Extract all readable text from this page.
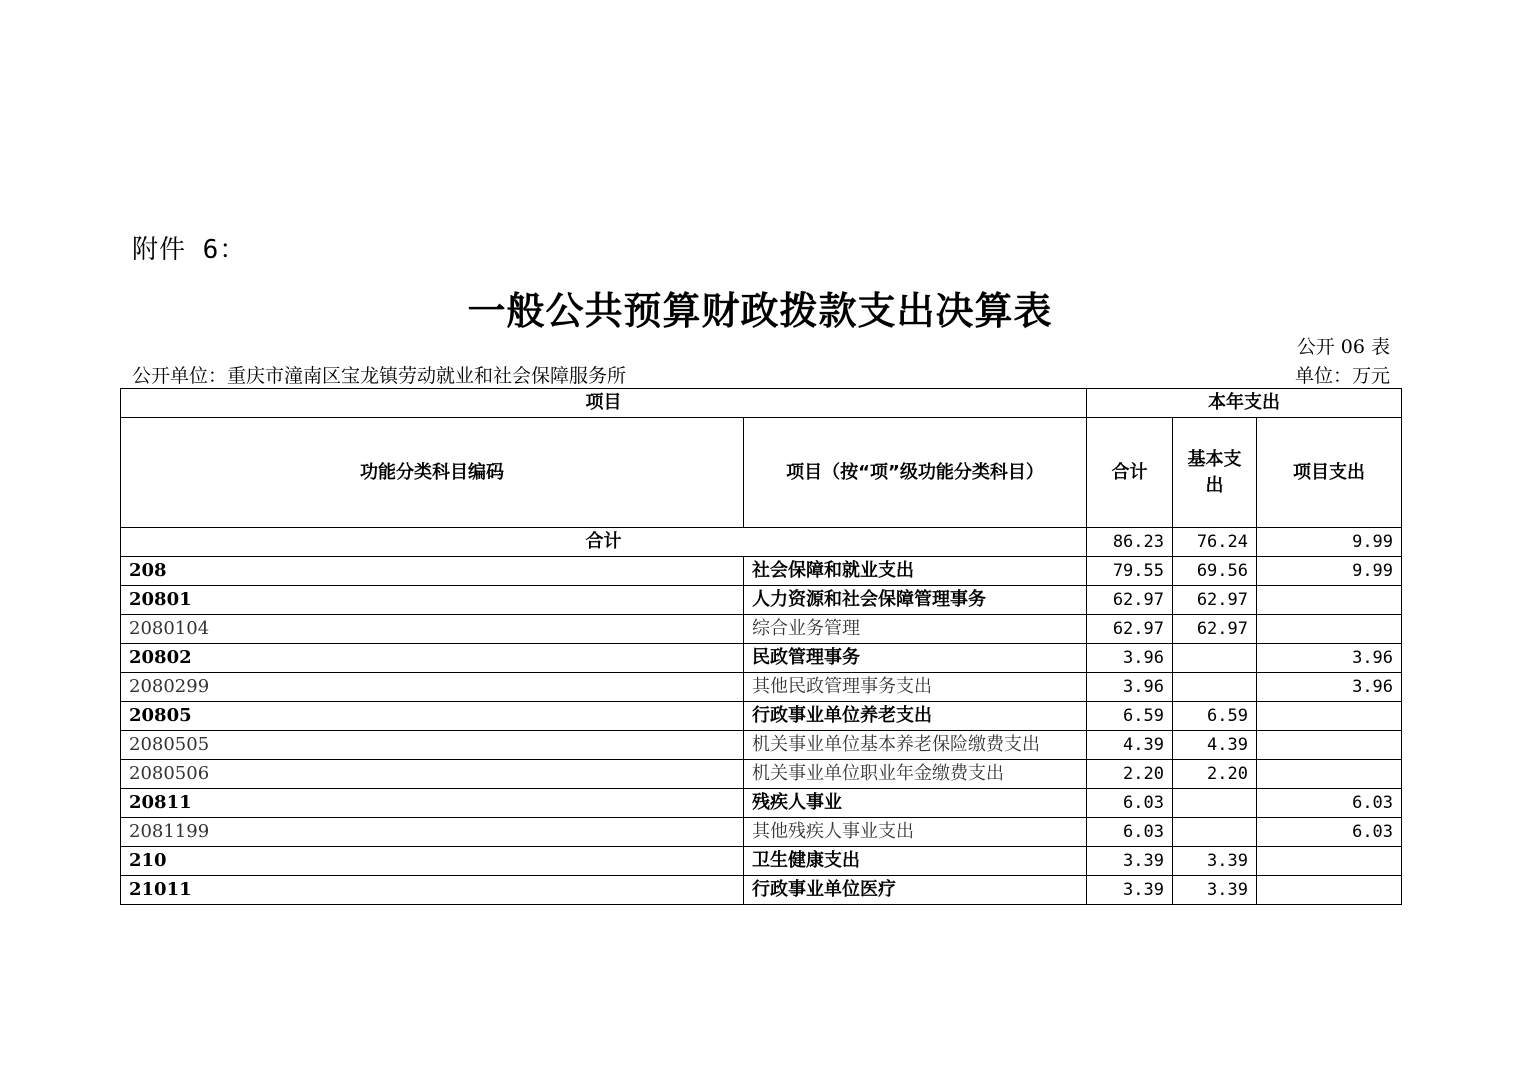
附件 6：
一般公共预算财政拨款支出决算表
公开 06 表
公开单位：重庆市潼南区宝龙镇劳动就业和社会保障服务所	单位：万元
项目		本年支出		
功能分类科目编码	项目（按“项”级功能分类科目）	合计	基本支出	项目支出
合计		86.23	76.24	9.99
208	社会保障和就业支出	79.55	69.56	9.99
20801	人力资源和社会保障管理事务	62.97	62.97	
2080104	综合业务管理	62.97	62.97	
20802	民政管理事务	3.96		3.96
2080299	其他民政管理事务支出	3.96		3.96
20805	行政事业单位养老支出	6.59	6.59	
2080505	机关事业单位基本养老保险缴费支出	4.39	4.39	
2080506	机关事业单位职业年金缴费支出	2.20	2.20	
20811	残疾人事业	6.03		6.03
2081199	其他残疾人事业支出	6.03		6.03
210	卫生健康支出	3.39	3.39	
21011	行政事业单位医疗	3.39	3.39	
